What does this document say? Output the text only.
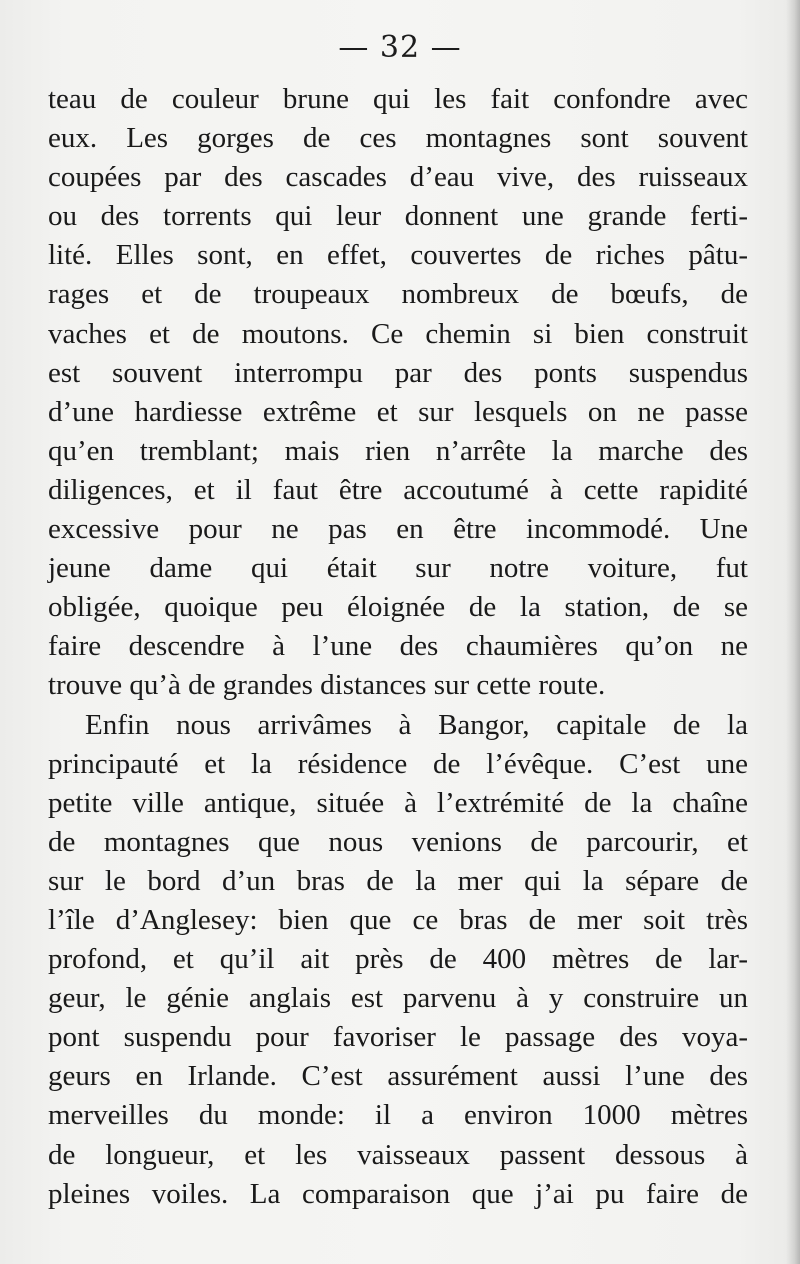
— 32 —
teau de couleur brune qui les fait confondre avec
eux. Les gorges de ces montagnes sont souvent
coupées par des cascades d’eau vive, des ruisseaux
ou des torrents qui leur donnent une grande ferti-
lité. Elles sont, en effet, couvertes de riches pâtu-
rages et de troupeaux nombreux de bœufs, de
vaches et de moutons. Ce chemin si bien construit
est souvent interrompu par des ponts suspendus
d’une hardiesse extrême et sur lesquels on ne passe
qu’en tremblant; mais rien n’arrête la marche des
diligences, et il faut être accoutumé à cette rapidité
excessive pour ne pas en être incommodé. Une
jeune dame qui était sur notre voiture, fut
obligée, quoique peu éloignée de la station, de se
faire descendre à l’une des chaumières qu’on ne
trouve qu’à de grandes distances sur cette route.
Enfin nous arrivâmes à Bangor, capitale de la
principauté et la résidence de l’évêque. C’est une
petite ville antique, située à l’extrémité de la chaîne
de montagnes que nous venions de parcourir, et
sur le bord d’un bras de la mer qui la sépare de
l’île d’Anglesey: bien que ce bras de mer soit très
profond, et qu’il ait près de 400 mètres de lar-
geur, le génie anglais est parvenu à y construire un
pont suspendu pour favoriser le passage des voya-
geurs en Irlande. C’est assurément aussi l’une des
merveilles du monde: il a environ 1000 mètres
de longueur, et les vaisseaux passent dessous à
pleines voiles. La comparaison que j’ai pu faire de
